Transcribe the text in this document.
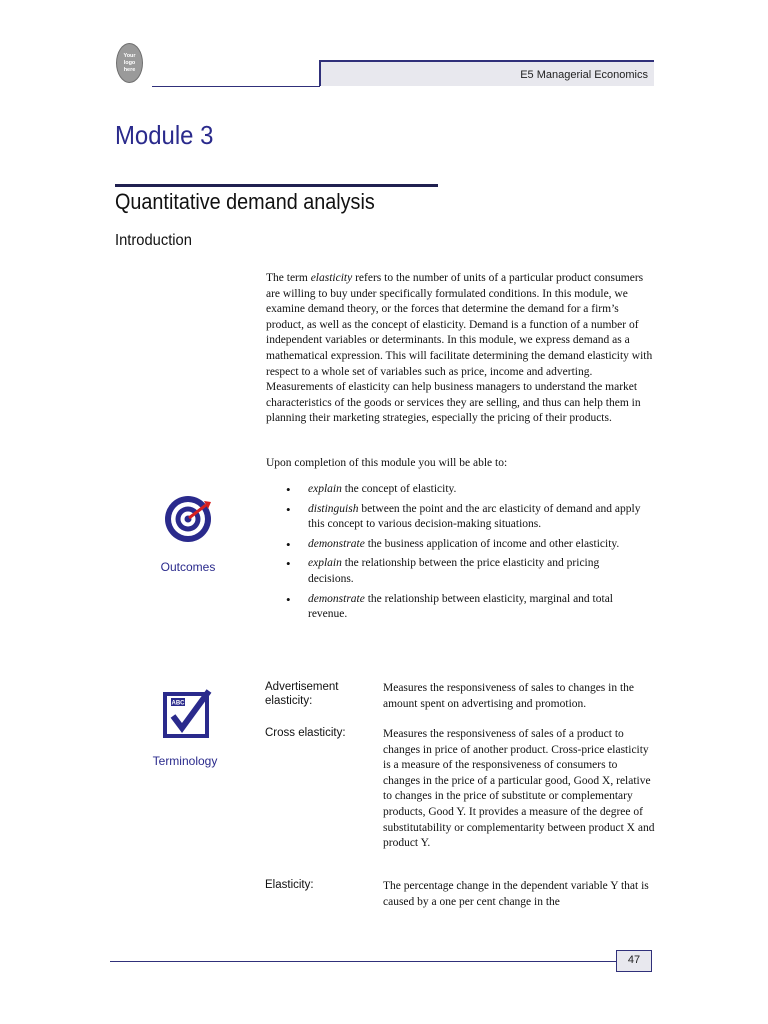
Your
logo
here	E5 Managerial Economics
Module 3
Quantitative demand analysis
Introduction
The term elasticity refers to the number of units of a particular product consumers are willing to buy under specifically formulated conditions. In this module, we examine demand theory, or the forces that determine the demand for a firm’s product, as well as the concept of elasticity. Demand is a function of a number of independent variables or determinants. In this module, we express demand as a mathematical expression. This will facilitate determining the demand elasticity with respect to a whole set of variables such as price, income and adverting. Measurements of elasticity can help business managers to understand the market characteristics of the goods or services they are selling, and thus can help them in planning their marketing strategies, especially the pricing of their products.
Upon completion of this module you will be able to:
• explain the concept of elasticity.
• distinguish between the point and the arc elasticity of demand and apply this concept to various decision-making situations.
• demonstrate the business application of income and other elasticity.
• explain the relationship between the price elasticity and pricing decisions.
• demonstrate the relationship between elasticity, marginal and total revenue.
Outcomes
ABC
Terminology
Advertisement elasticity:
Measures the responsiveness of sales to changes in the amount spent on advertising and promotion.
Cross elasticity:	Measures the responsiveness of sales of a product to changes in price of another product. Cross-price elasticity is a measure of the responsiveness of consumers to changes in the price of a particular good, Good X, relative to changes in the price of substitute or complementary products, Good Y. It provides a measure of the degree of substitutability or complementarity between product X and product Y.
Elasticity:	The percentage change in the dependent variable Y that is caused by a one per cent change in the
47
